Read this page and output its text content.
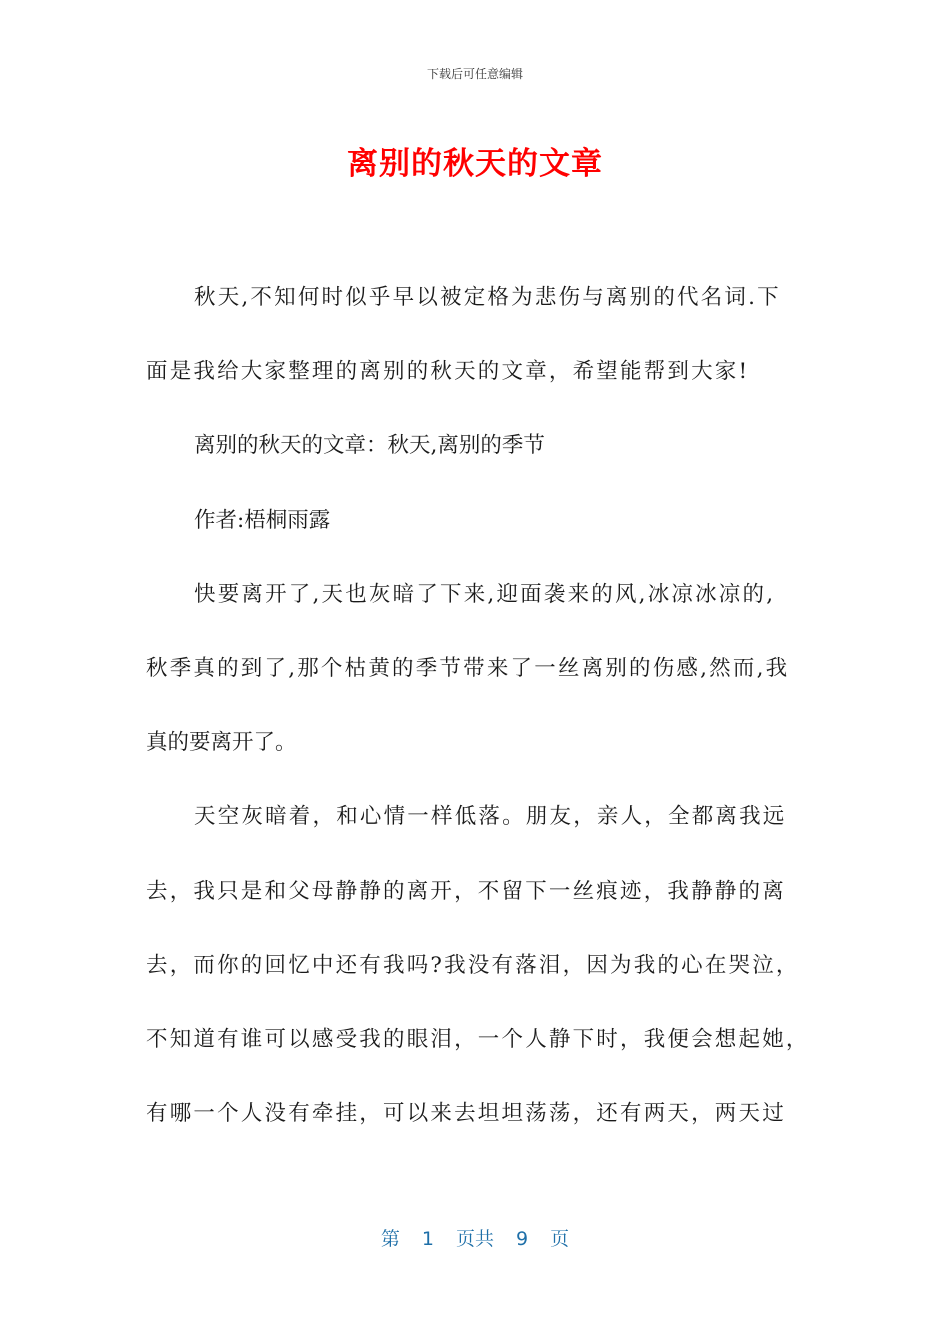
下载后可任意编辑
离别的秋天的文章
秋天,不知何时似乎早以被定格为悲伤与离别的代名词.下
面是我给大家整理的离别的秋天的文章，希望能帮到大家!
离别的秋天的文章：秋天,离别的季节
作者:梧桐雨露
快要离开了,天也灰暗了下来,迎面袭来的风,冰凉冰凉的,
秋季真的到了,那个枯黄的季节带来了一丝离别的伤感,然而,我
真的要离开了。
天空灰暗着，和心情一样低落。朋友，亲人，全都离我远
去，我只是和父母静静的离开，不留下一丝痕迹，我静静的离
去，而你的回忆中还有我吗?我没有落泪，因为我的心在哭泣，
不知道有谁可以感受我的眼泪，一个人静下时，我便会想起她，
有哪一个人没有牵挂，可以来去坦坦荡荡，还有两天，两天过
第 1 页共 9 页
